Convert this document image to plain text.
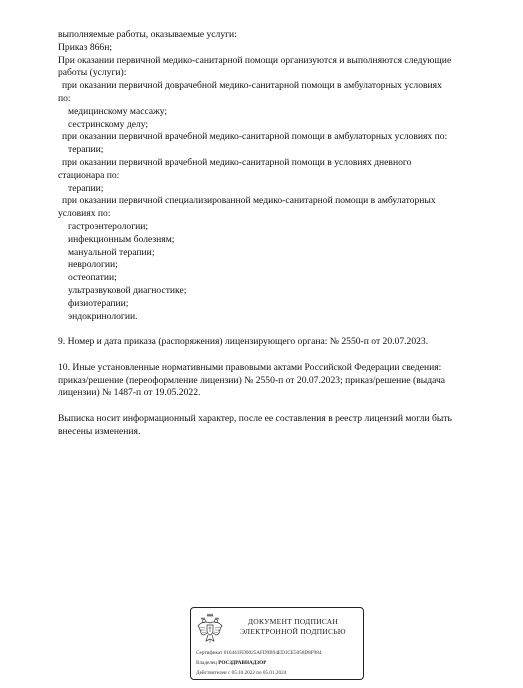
выполняемые работы, оказываемые услуги:

Приказ 866н;

При оказании первичной медико-санитарной помощи организуются и выполняются следующие

работы (услуги):

при оказании первичной доврачебной медико-санитарной помощи в амбулаторных условиях

по:

медицинскому массажу;

сестринскому делу;

при оказании первичной врачебной медико-санитарной помощи в амбулаторных условиях по:

терапии;

при оказании первичной врачебной медико-санитарной помощи в условиях дневного

стационара по:

терапии;

при оказании первичной специализированной медико-санитарной помощи в амбулаторных

условиях по:

гастроэнтерологии;

инфекционным болезням;

мануальной терапии;

неврологии;

остеопатии;

ультразвуковой диагностике;

физиотерапии;

эндокринологии.

9. Номер и дата приказа (распоряжения) лицензирующего органа: № 2550-п от 20.07.2023.

10. Иные установленные нормативными правовыми актами Российской Федерации сведения:

приказ/решение (переоформление лицензии) № 2550-п от 20.07.2023; приказ/решение (выдача

лицензии) № 1487-п от 19.05.2022.

Выписка носит информационный характер, после ее составления в реестр лицензий могли быть

внесены изменения.

ДОКУМЕНТ ПОДПИСАН
ЭЛЕКТРОННОЙ ПОДПИСЬЮ
Сертификат 016441FD0025AFD9B94ED1CE5058D8F984
Владелец РОСЗДРАВНАДЗОР
Действителен с 05.10.2022 по 05.01.2024
